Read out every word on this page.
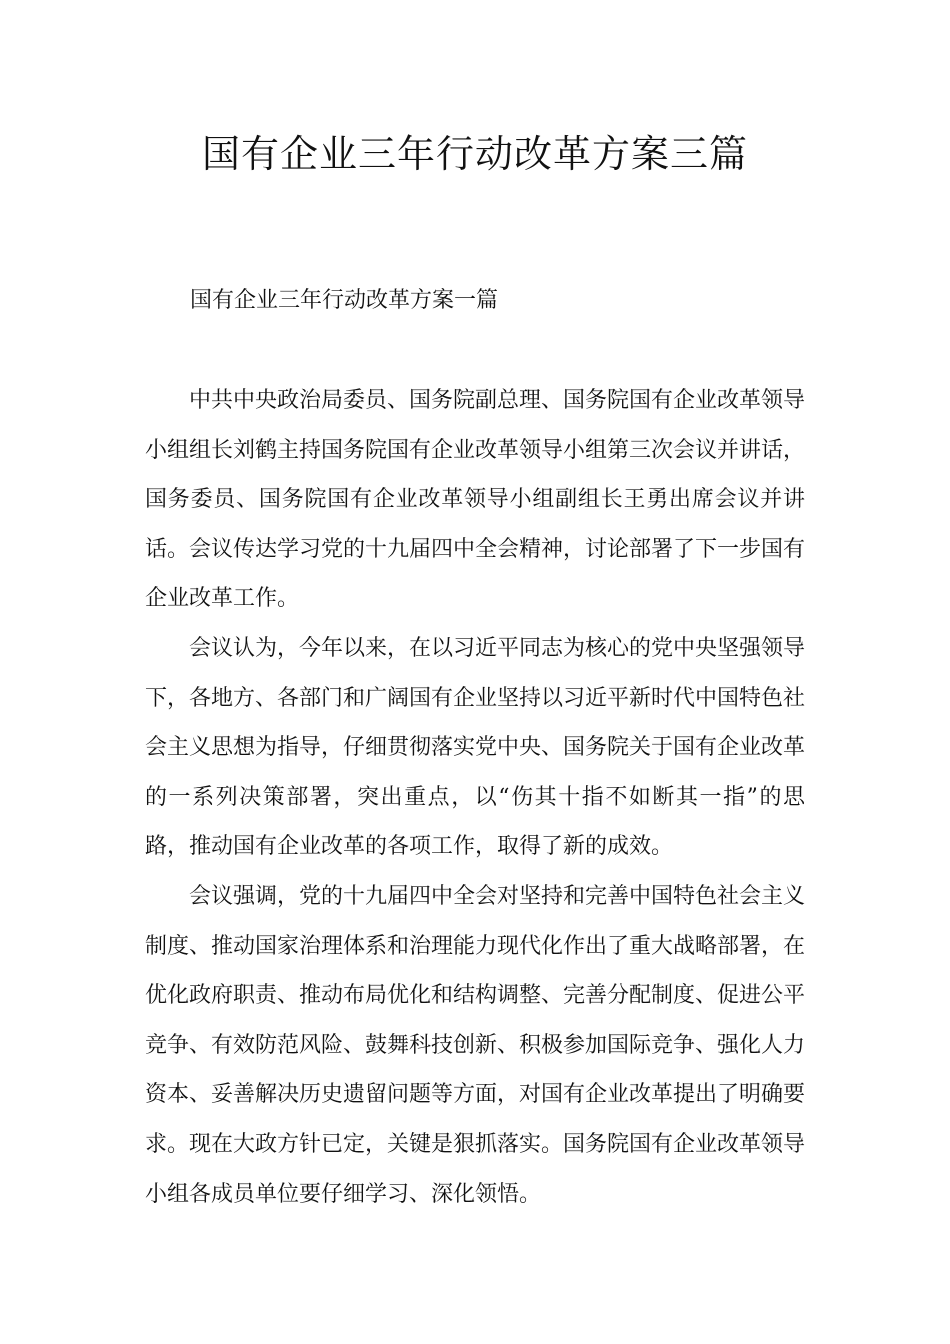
国有企业三年行动改革方案三篇

国有企业三年行动改革方案一篇

中共中央政治局委员、国务院副总理、国务院国有企业改革领导小组组长刘鹤主持国务院国有企业改革领导小组第三次会议并讲话，国务委员、国务院国有企业改革领导小组副组长王勇出席会议并讲话。会议传达学习党的十九届四中全会精神，讨论部署了下一步国有企业改革工作。

会议认为，今年以来，在以习近平同志为核心的党中央坚强领导下，各地方、各部门和广阔国有企业坚持以习近平新时代中国特色社会主义思想为指导，仔细贯彻落实党中央、国务院关于国有企业改革的一系列决策部署，突出重点，以“伤其十指不如断其一指”的思路，推动国有企业改革的各项工作，取得了新的成效。

会议强调，党的十九届四中全会对坚持和完善中国特色社会主义制度、推动国家治理体系和治理能力现代化作出了重大战略部署，在优化政府职责、推动布局优化和结构调整、完善分配制度、促进公平竞争、有效防范风险、鼓舞科技创新、积极参加国际竞争、强化人力资本、妥善解决历史遗留问题等方面，对国有企业改革提出了明确要求。现在大政方针已定，关键是狠抓落实。国务院国有企业改革领导小组各成员单位要仔细学习、深化领悟。
